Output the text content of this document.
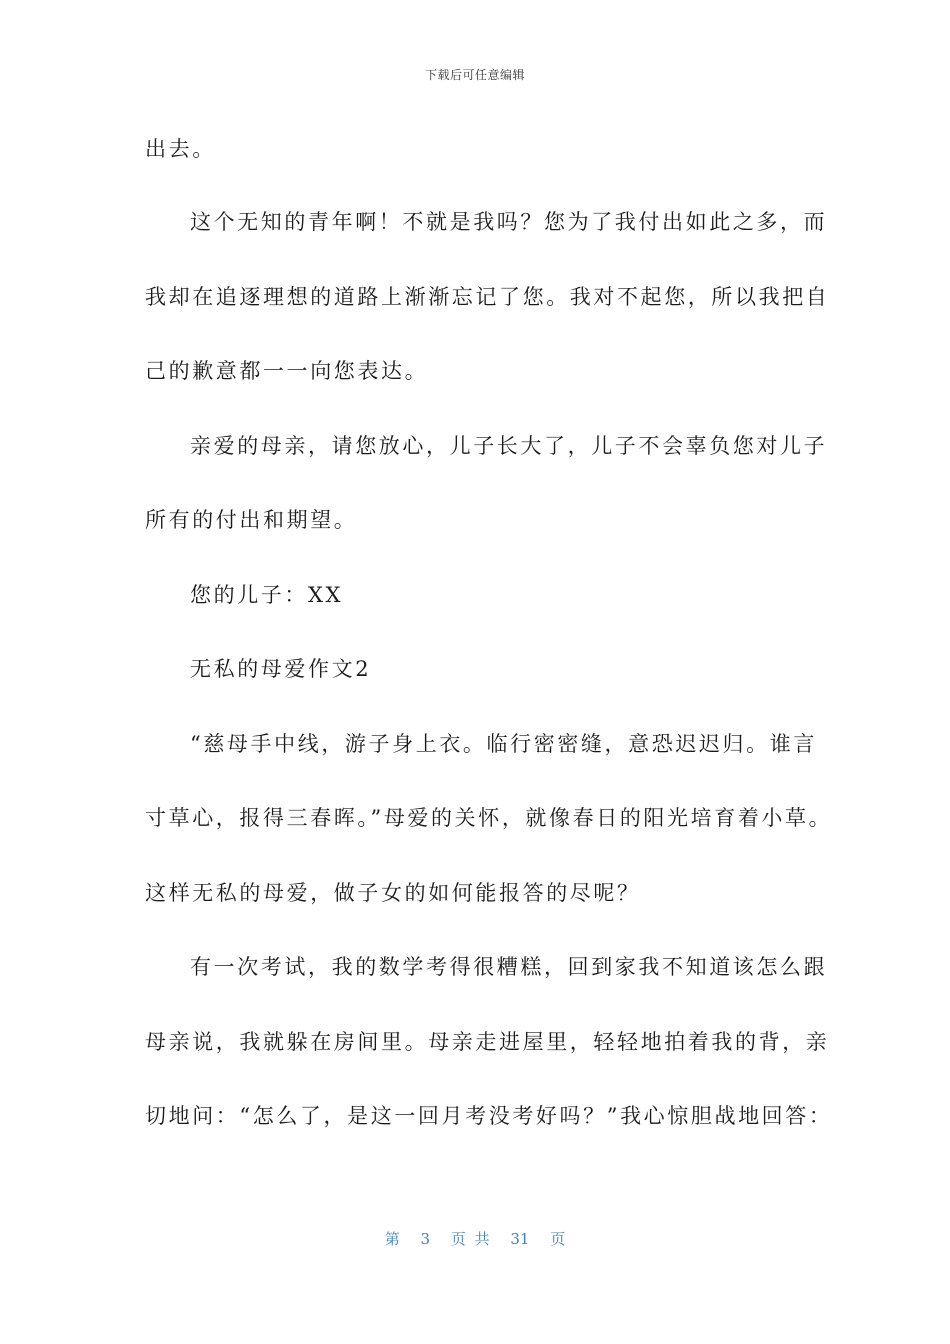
下载后可任意编辑
出去。
这个无知的青年啊！不就是我吗？您为了我付出如此之多，而
我却在追逐理想的道路上渐渐忘记了您。我对不起您，所以我把自
己的歉意都一一向您表达。
亲爱的母亲，请您放心，儿子长大了，儿子不会辜负您对儿子
所有的付出和期望。
您的儿子：XX
无私的母爱作文2
“慈母手中线，游子身上衣。临行密密缝，意恐迟迟归。谁言
寸草心，报得三春晖。”母爱的关怀，就像春日的阳光培育着小草。
这样无私的母爱，做子女的如何能报答的尽呢？
有一次考试，我的数学考得很糟糕，回到家我不知道该怎么跟
母亲说，我就躲在房间里。母亲走进屋里，轻轻地拍着我的背，亲
切地问：“怎么了，是这一回月考没考好吗？”我心惊胆战地回答：
第 3 页 共 31 页
